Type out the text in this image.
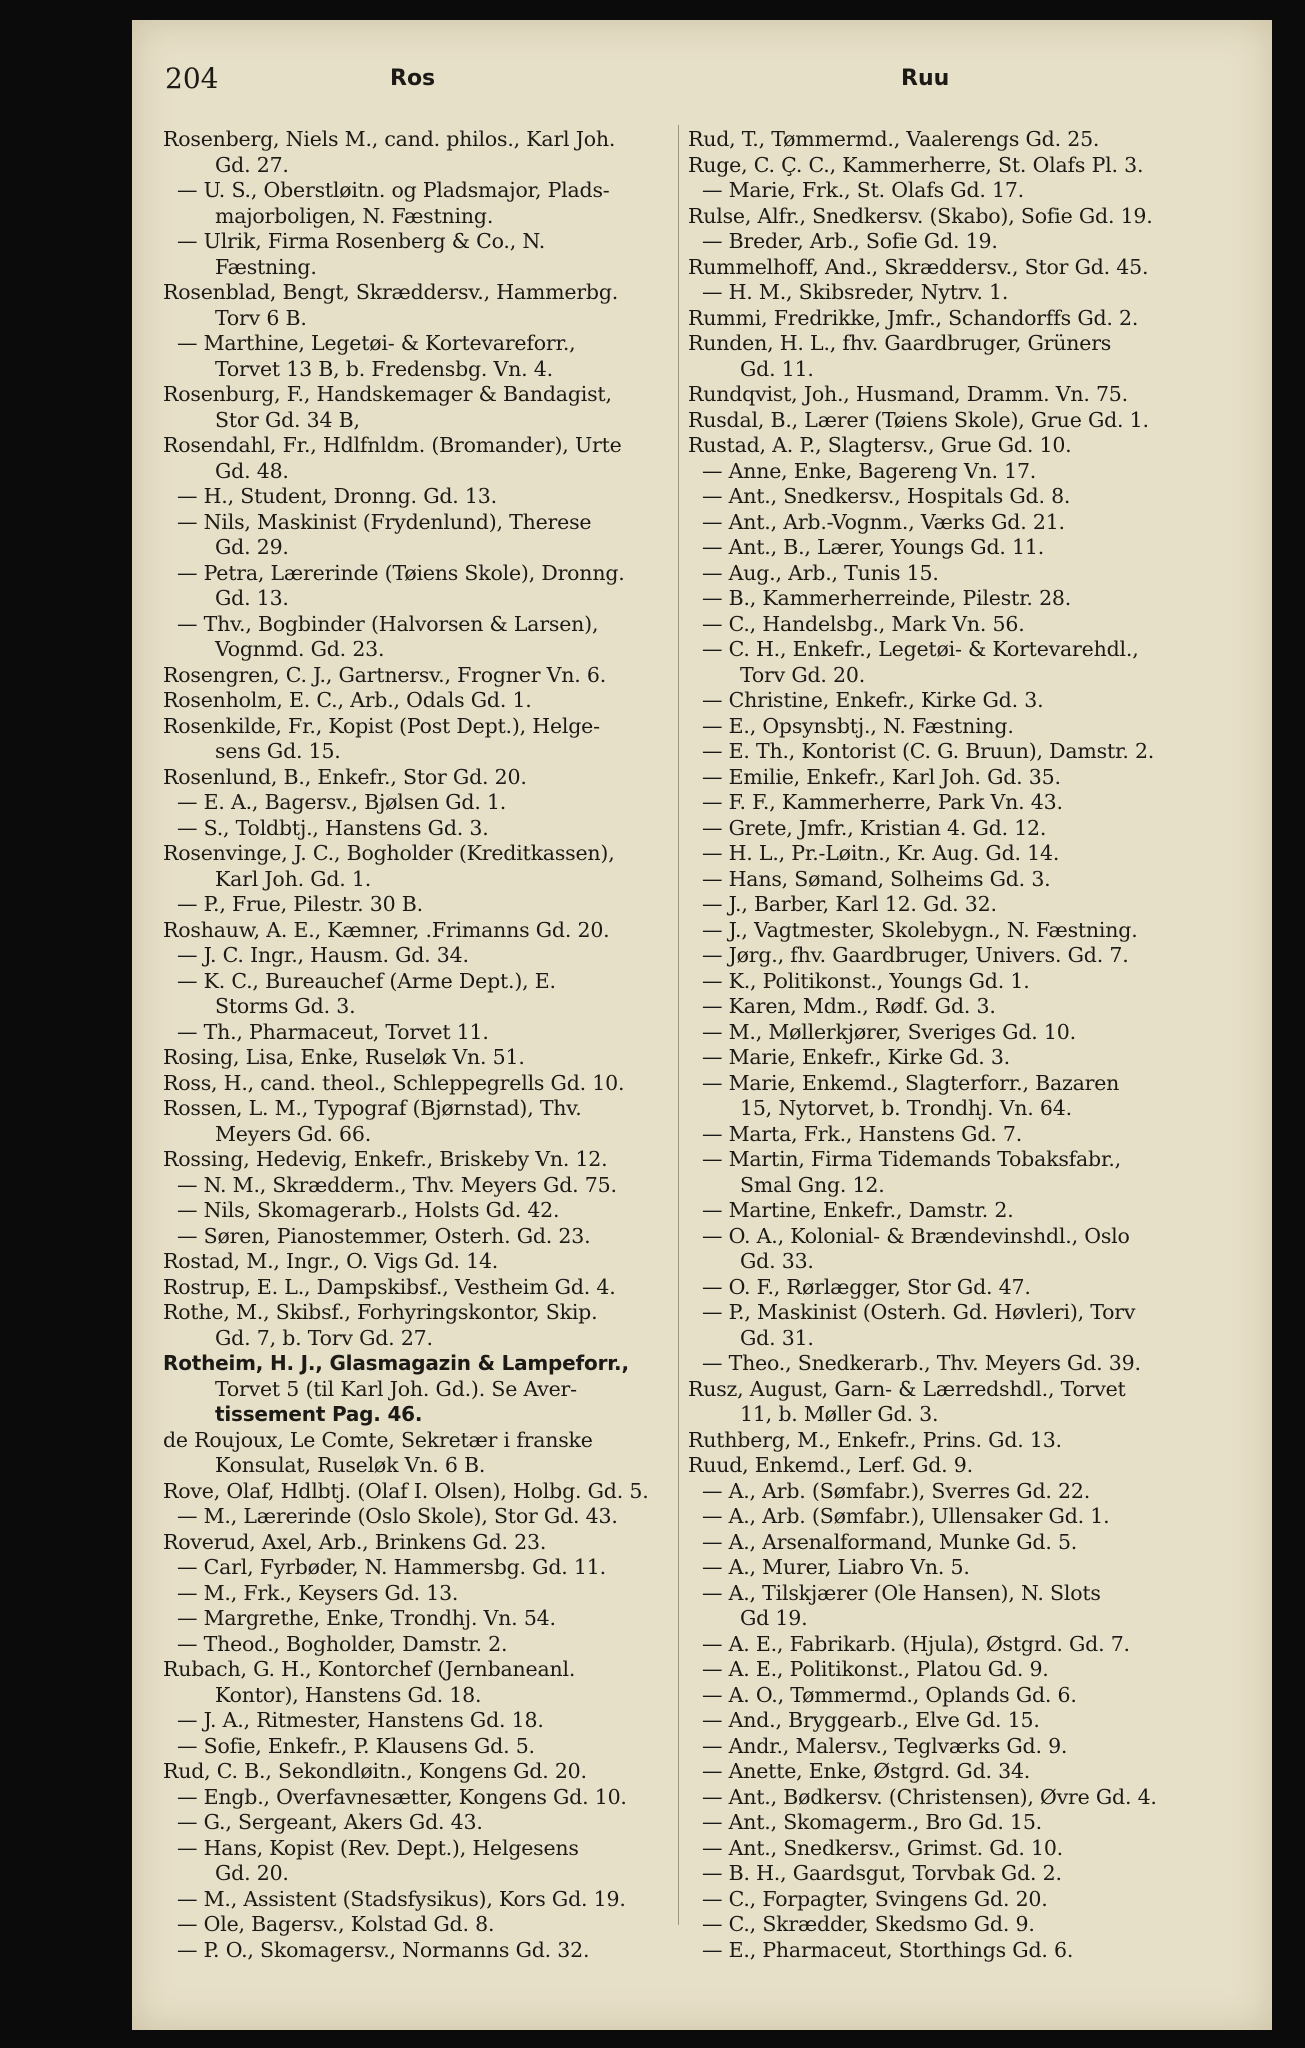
204	Ros	Ruu
Rosenberg, Niels M., cand. philos., Karl Joh.
Gd. 27.
— U. S., Oberstløitn. og Pladsmajor, Plads-
majorboligen, N. Fæstning.
— Ulrik, Firma Rosenberg & Co., N.
Fæstning.
Rosenblad, Bengt, Skræddersv., Hammerbg.
Torv 6 B.
— Marthine, Legetøi- & Kortevareforr.,
Torvet 13 B, b. Fredensbg. Vn. 4.
Rosenburg, F., Handskemager & Bandagist,
Stor Gd. 34 B,
Rosendahl, Fr., Hdlfnldm. (Bromander), Urte
Gd. 48.
— H., Student, Dronng. Gd. 13.
— Nils, Maskinist (Frydenlund), Therese
Gd. 29.
— Petra, Lærerinde (Tøiens Skole), Dronng.
Gd. 13.
— Thv., Bogbinder (Halvorsen & Larsen),
Vognmd. Gd. 23.
Rosengren, C. J., Gartnersv., Frogner Vn. 6.
Rosenholm, E. C., Arb., Odals Gd. 1.
Rosenkilde, Fr., Kopist (Post Dept.), Helge-
sens Gd. 15.
Rosenlund, B., Enkefr., Stor Gd. 20.
— E. A., Bagersv., Bjølsen Gd. 1.
— S., Toldbtj., Hanstens Gd. 3.
Rosenvinge, J. C., Bogholder (Kreditkassen),
Karl Joh. Gd. 1.
— P., Frue, Pilestr. 30 B.
Roshauw, A. E., Kæmner, .Frimanns Gd. 20.
— J. C. Ingr., Hausm. Gd. 34.
— K. C., Bureauchef (Arme Dept.), E.
Storms Gd. 3.
— Th., Pharmaceut, Torvet 11.
Rosing, Lisa, Enke, Ruseløk Vn. 51.
Ross, H., cand. theol., Schleppegrells Gd. 10.
Rossen, L. M., Typograf (Bjørnstad), Thv.
Meyers Gd. 66.
Rossing, Hedevig, Enkefr., Briskeby Vn. 12.
— N. M., Skrædderm., Thv. Meyers Gd. 75.
— Nils, Skomagerarb., Holsts Gd. 42.
— Søren, Pianostemmer, Osterh. Gd. 23.
Rostad, M., Ingr., O. Vigs Gd. 14.
Rostrup, E. L., Dampskibsf., Vestheim Gd. 4.
Rothe, M., Skibsf., Forhyringskontor, Skip.
Gd. 7, b. Torv Gd. 27.
Rotheim, H. J., Glasmagazin & Lampeforr.,
Torvet 5 (til Karl Joh. Gd.). Se Aver-
tissement Pag. 46.
de Roujoux, Le Comte, Sekretær i franske
Konsulat, Ruseløk Vn. 6 B.
Rove, Olaf, Hdlbtj. (Olaf I. Olsen), Holbg. Gd. 5.
— M., Lærerinde (Oslo Skole), Stor Gd. 43.
Roverud, Axel, Arb., Brinkens Gd. 23.
— Carl, Fyrbøder, N. Hammersbg. Gd. 11.
— M., Frk., Keysers Gd. 13.
— Margrethe, Enke, Trondhj. Vn. 54.
— Theod., Bogholder, Damstr. 2.
Rubach, G. H., Kontorchef (Jernbaneanl.
Kontor), Hanstens Gd. 18.
— J. A., Ritmester, Hanstens Gd. 18.
— Sofie, Enkefr., P. Klausens Gd. 5.
Rud, C. B., Sekondløitn., Kongens Gd. 20.
— Engb., Overfavnesætter, Kongens Gd. 10.
— G., Sergeant, Akers Gd. 43.
— Hans, Kopist (Rev. Dept.), Helgesens
Gd. 20.
— M., Assistent (Stadsfysikus), Kors Gd. 19.
— Ole, Bagersv., Kolstad Gd. 8.
— P. O., Skomagersv., Normanns Gd. 32.
Rud, T., Tømmermd., Vaalerengs Gd. 25.
Ruge, C. Ç. C., Kammerherre, St. Olafs Pl. 3.
— Marie, Frk., St. Olafs Gd. 17.
Rulse, Alfr., Snedkersv. (Skabo), Sofie Gd. 19.
— Breder, Arb., Sofie Gd. 19.
Rummelhoff, And., Skræddersv., Stor Gd. 45.
— H. M., Skibsreder, Nytrv. 1.
Rummi, Fredrikke, Jmfr., Schandorffs Gd. 2.
Runden, H. L., fhv. Gaardbruger, Grüners
Gd. 11.
Rundqvist, Joh., Husmand, Dramm. Vn. 75.
Rusdal, B., Lærer (Tøiens Skole), Grue Gd. 1.
Rustad, A. P., Slagtersv., Grue Gd. 10.
— Anne, Enke, Bagereng Vn. 17.
— Ant., Snedkersv., Hospitals Gd. 8.
— Ant., Arb.-Vognm., Værks Gd. 21.
— Ant., B., Lærer, Youngs Gd. 11.
— Aug., Arb., Tunis 15.
— B., Kammerherreinde, Pilestr. 28.
— C., Handelsbg., Mark Vn. 56.
— C. H., Enkefr., Legetøi- & Kortevarehdl.,
Torv Gd. 20.
— Christine, Enkefr., Kirke Gd. 3.
— E., Opsynsbtj., N. Fæstning.
— E. Th., Kontorist (C. G. Bruun), Damstr. 2.
— Emilie, Enkefr., Karl Joh. Gd. 35.
— F. F., Kammerherre, Park Vn. 43.
— Grete, Jmfr., Kristian 4. Gd. 12.
— H. L., Pr.-Løitn., Kr. Aug. Gd. 14.
— Hans, Sømand, Solheims Gd. 3.
— J., Barber, Karl 12. Gd. 32.
— J., Vagtmester, Skolebygn., N. Fæstning.
— Jørg., fhv. Gaardbruger, Univers. Gd. 7.
— K., Politikonst., Youngs Gd. 1.
— Karen, Mdm., Rødf. Gd. 3.
— M., Møllerkjører, Sveriges Gd. 10.
— Marie, Enkefr., Kirke Gd. 3.
— Marie, Enkemd., Slagterforr., Bazaren
15, Nytorvet, b. Trondhj. Vn. 64.
— Marta, Frk., Hanstens Gd. 7.
— Martin, Firma Tidemands Tobaksfabr.,
Smal Gng. 12.
— Martine, Enkefr., Damstr. 2.
— O. A., Kolonial- & Brændevinshdl., Oslo
Gd. 33.
— O. F., Rørlægger, Stor Gd. 47.
— P., Maskinist (Osterh. Gd. Høvleri), Torv
Gd. 31.
— Theo., Snedkerarb., Thv. Meyers Gd. 39.
Rusz, August, Garn- & Lærredshdl., Torvet
11, b. Møller Gd. 3.
Ruthberg, M., Enkefr., Prins. Gd. 13.
Ruud, Enkemd., Lerf. Gd. 9.
— A., Arb. (Sømfabr.), Sverres Gd. 22.
— A., Arb. (Sømfabr.), Ullensaker Gd. 1.
— A., Arsenalformand, Munke Gd. 5.
— A., Murer, Liabro Vn. 5.
— A., Tilskjærer (Ole Hansen), N. Slots
Gd 19.
— A. E., Fabrikarb. (Hjula), Østgrd. Gd. 7.
— A. E., Politikonst., Platou Gd. 9.
— A. O., Tømmermd., Oplands Gd. 6.
— And., Bryggearb., Elve Gd. 15.
— Andr., Malersv., Teglværks Gd. 9.
— Anette, Enke, Østgrd. Gd. 34.
— Ant., Bødkersv. (Christensen), Øvre Gd. 4.
— Ant., Skomagerm., Bro Gd. 15.
— Ant., Snedkersv., Grimst. Gd. 10.
— B. H., Gaardsgut, Torvbak Gd. 2.
— C., Forpagter, Svingens Gd. 20.
— C., Skrædder, Skedsmo Gd. 9.
— E., Pharmaceut, Storthings Gd. 6.
